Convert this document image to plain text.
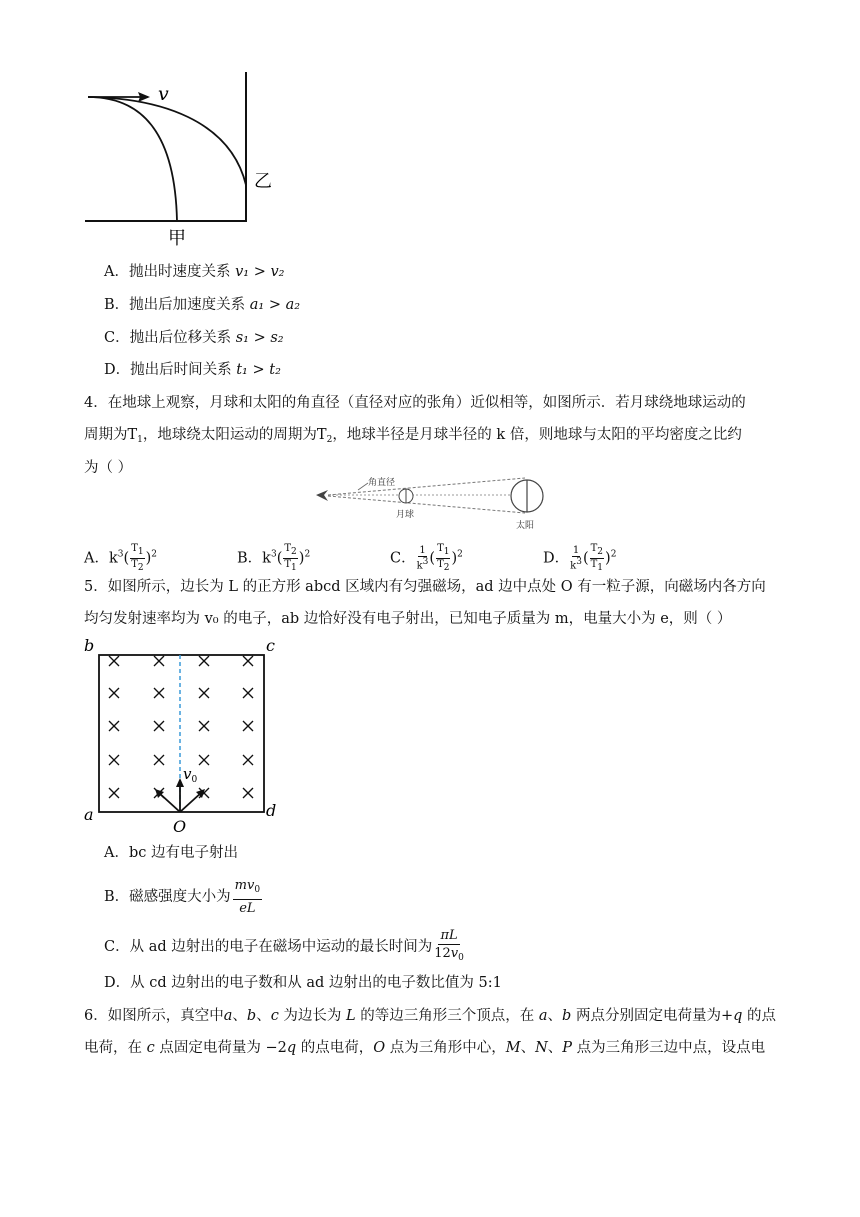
v
乙
甲
A．抛出时速度关系 v₁ > v₂
B．抛出后加速度关系 a₁ > a₂
C．抛出后位移关系 s₁ > s₂
D．抛出后时间关系 t₁ > t₂
4．在地球上观察，月球和太阳的角直径（直径对应的张角）近似相等，如图所示．若月球绕地球运动的
周期为$T_1$，地球绕太阳运动的周期为$T_2$，地球半径是月球半径的 k 倍，则地球与太阳的平均密度之比约
为（ ）
角直径
月球
太阳
A．$k^3( \frac{T_1}{T_2} )^2$	B．$k^3( \frac{T_2}{T_1} )^2$	C． $\frac{1}{k^3}$ ( $\frac{T_1}{T_2} )^2$	D． $\frac{1}{k^3}$ ( $\frac{T_2}{T_1} )^2$
5．如图所示，边长为 L 的正方形 abcd 区域内有匀强磁场，ad 边中点处 O 有一粒子源，向磁场内各方向
均匀发射速率均为 v₀ 的电子，ab 边恰好没有电子射出，已知电子质量为 m，电量大小为 e，则（ ）
b	c
a	d
O
$v_0$
A．bc 边有电子射出
B．磁感强度大小为 $\frac{mv_0}{eL}$
C．从 ad 边射出的电子在磁场中运动的最长时间为 $\frac{\pi L}{12v_0}$
D．从 cd 边射出的电子数和从 ad 边射出的电子数比值为 5:1
6．如图所示，真空中a、b、c 为边长为 L 的等边三角形三个顶点，在 a、b 两点分别固定电荷量为+q 的点
电荷，在 c 点固定电荷量为 −2q 的点电荷，O 点为三角形中心，M、N、P 点为三角形三边中点，设点电
